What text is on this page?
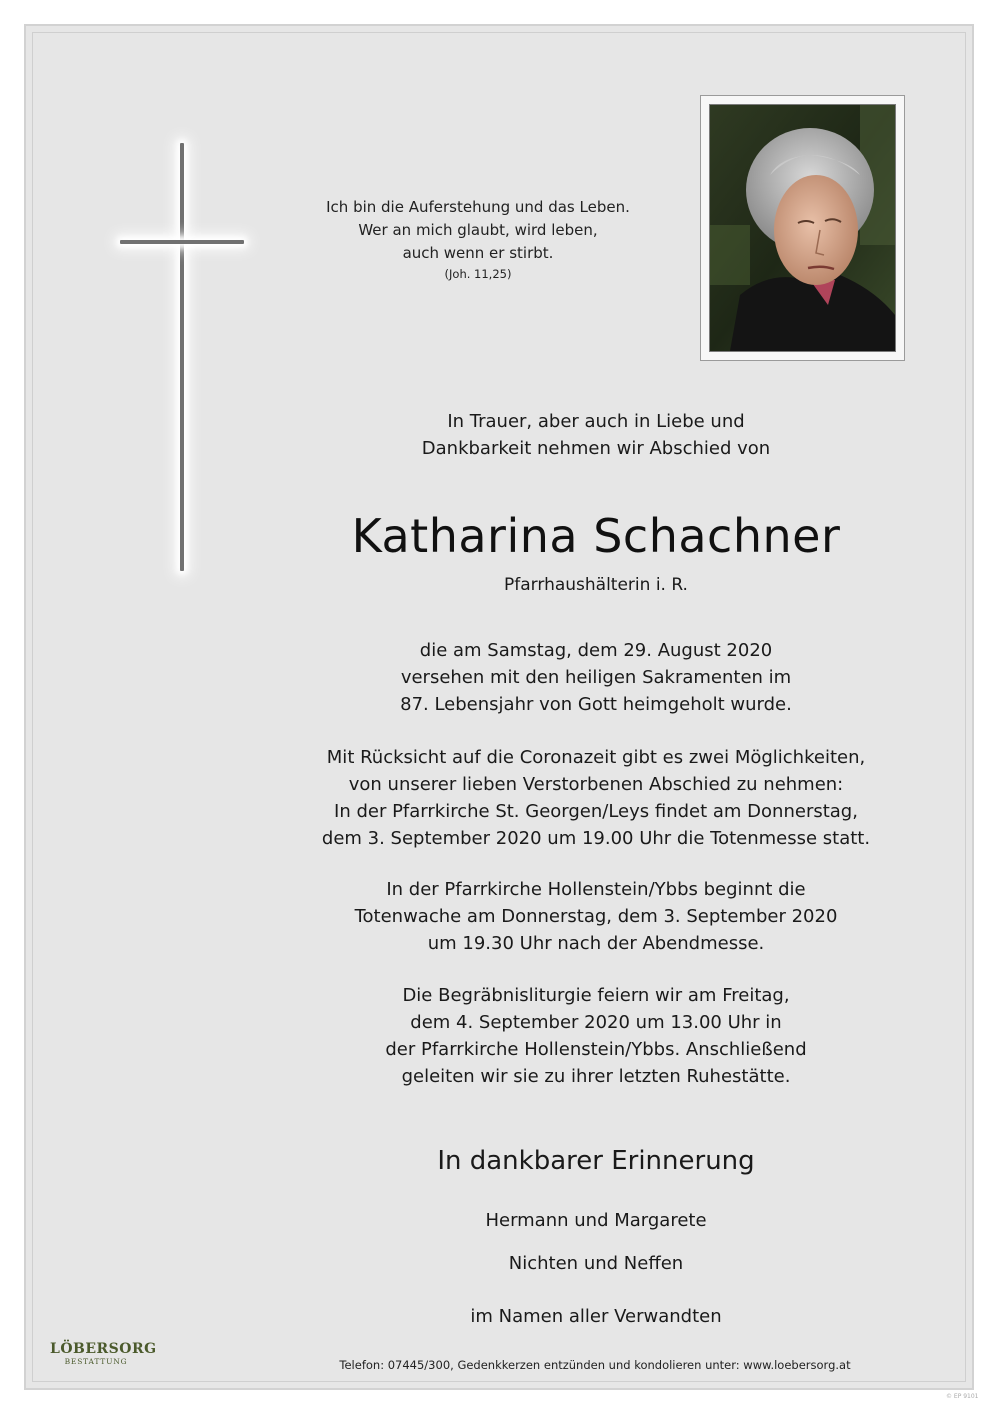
Ich bin die Auferstehung und das Leben.
Wer an mich glaubt, wird leben,
auch wenn er stirbt.
(Joh. 11,25)
In Trauer, aber auch in Liebe und
Dankbarkeit nehmen wir Abschied von
Katharina Schachner
Pfarrhaushälterin i. R.
die am Samstag, dem 29. August 2020
versehen mit den heiligen Sakramenten im
87. Lebensjahr von Gott heimgeholt wurde.
Mit Rücksicht auf die Coronazeit gibt es zwei Möglichkeiten,
von unserer lieben Verstorbenen Abschied zu nehmen:
In der Pfarrkirche St. Georgen/Leys findet am Donnerstag,
dem 3. September 2020 um 19.00 Uhr die Totenmesse statt.
In der Pfarrkirche Hollenstein/Ybbs beginnt die
Totenwache am Donnerstag, dem 3. September 2020
um 19.30 Uhr nach der Abendmesse.
Die Begräbnisliturgie feiern wir am Freitag,
dem 4. September 2020 um 13.00 Uhr in
der Pfarrkirche Hollenstein/Ybbs. Anschließend
geleiten wir sie zu ihrer letzten Ruhestätte.
In dankbarer Erinnerung
Hermann und Margarete
Nichten und Neffen
im Namen aller Verwandten
LÖBERSORG
BESTATTUNG	Telefon: 07445/300, Gedenkkerzen entzünden und kondolieren unter: www.loebersorg.at
© EP 9101
